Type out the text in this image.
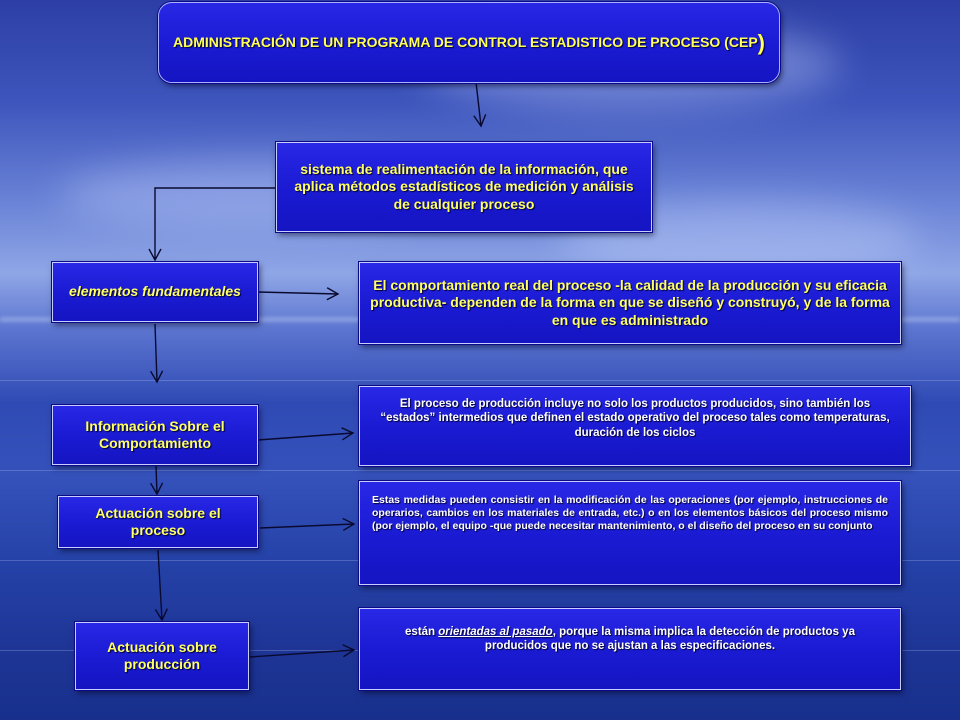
ADMINISTRACIÓN DE UN PROGRAMA DE CONTROL ESTADISTICO DE PROCESO (CEP)
sistema de realimentación de la información, que aplica métodos estadísticos de medición y análisis de cualquier proceso
elementos fundamentales
Información Sobre el Comportamiento
Actuación sobre el proceso
Actuación sobre producción
El comportamiento real del proceso -la calidad de la producción y su eficacia productiva- dependen de la forma en que se diseñó y construyó, y de la forma en que es administrado
El proceso de producción incluye no solo los productos producidos, sino también los “estados” intermedios que definen el estado operativo del proceso tales como temperaturas, duración de los ciclos
Estas medidas pueden consistir en la modificación de las operaciones (por ejemplo, instrucciones de operarios, cambios en los materiales de entrada, etc.) o en los elementos básicos del proceso mismo (por ejemplo, el equipo -que puede necesitar mantenimiento, o el diseño del proceso en su conjunto
están orientadas al pasado, porque la misma implica la detección de productos ya producidos que no se ajustan a las especificaciones.
